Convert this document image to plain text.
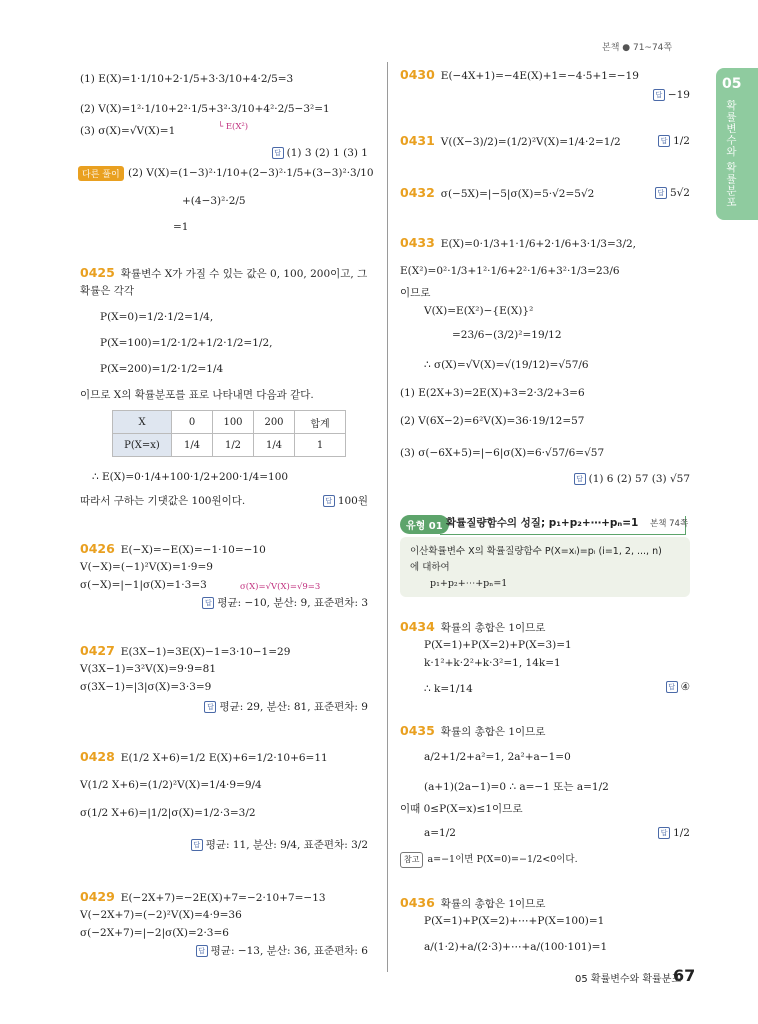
본책 ● 71~74쪽
05
확률변수와 확률분포
(1) E(X)=1·1/10+2·1/5+3·3/10+4·2/5=3
(2) V(X)=1²·1/10+2²·1/5+3²·3/10+4²·2/5−3²=1
└ E(X²)
(3) σ(X)=√V(X)=1
답 (1) 3 (2) 1 (3) 1
다른 풀이 (2) V(X)=(1−3)²·1/10+(2−3)²·1/5+(3−3)²·3/10
+(4−3)²·2/5
=1
0425 확률변수 X가 가질 수 있는 값은 0, 100, 200이고, 그
확률은 각각
P(X=0)=1/2·1/2=1/4,
P(X=100)=1/2·1/2+1/2·1/2=1/2,
P(X=200)=1/2·1/2=1/4
이므로 X의 확률분포를 표로 나타내면 다음과 같다.
X	0	100	200	합계
P(X=x)	1/4	1/2	1/4	1
∴ E(X)=0·1/4+100·1/2+200·1/4=100
따라서 구하는 기댓값은 100원이다.	답 100원
0426 E(−X)=−E(X)=−1·10=−10
V(−X)=(−1)²V(X)=1·9=9
σ(−X)=|−1|σ(X)=1·3=3	σ(X)=√V(X)=√9=3
답 평균: −10, 분산: 9, 표준편차: 3
0427 E(3X−1)=3E(X)−1=3·10−1=29
V(3X−1)=3²V(X)=9·9=81
σ(3X−1)=|3|σ(X)=3·3=9
답 평균: 29, 분산: 81, 표준편차: 9
0428 E(1/2 X+6)=1/2 E(X)+6=1/2·10+6=11
V(1/2 X+6)=(1/2)²V(X)=1/4·9=9/4
σ(1/2 X+6)=|1/2|σ(X)=1/2·3=3/2
답 평균: 11, 분산: 9/4, 표준편차: 3/2
0429 E(−2X+7)=−2E(X)+7=−2·10+7=−13
V(−2X+7)=(−2)²V(X)=4·9=36
σ(−2X+7)=|−2|σ(X)=2·3=6
답 평균: −13, 분산: 36, 표준편차: 6
0430 E(−4X+1)=−4E(X)+1=−4·5+1=−19
답 −19
0431 V((X−3)/2)=(1/2)²V(X)=1/4·2=1/2	답 1/2
0432 σ(−5X)=|−5|σ(X)=5·√2=5√2	답 5√2
0433 E(X)=0·1/3+1·1/6+2·1/6+3·1/3=3/2,
E(X²)=0²·1/3+1²·1/6+2²·1/6+3²·1/3=23/6
이므로
V(X)=E(X²)−{E(X)}²
=23/6−(3/2)²=19/12
∴ σ(X)=√V(X)=√(19/12)=√57/6
(1) E(2X+3)=2E(X)+3=2·3/2+3=6
(2) V(6X−2)=6²V(X)=36·19/12=57
(3) σ(−6X+5)=|−6|σ(X)=6·√57/6=√57
답 (1) 6 (2) 57 (3) √57
유형 01 확률질량함수의 성질; p₁+p₂+⋯+pₙ=1 본책 74쪽
이산확률변수 X의 확률질량함수 P(X=xᵢ)=pᵢ (i=1, 2, ..., n)
에 대하여
p₁+p₂+⋯+pₙ=1
0434 확률의 총합은 1이므로
P(X=1)+P(X=2)+P(X=3)=1
k·1²+k·2²+k·3²=1, 14k=1
∴ k=1/14	답 ④
0435 확률의 총합은 1이므로
a/2+1/2+a²=1, 2a²+a−1=0
(a+1)(2a−1)=0 ∴ a=−1 또는 a=1/2
이때 0≤P(X=x)≤1이므로
a=1/2	답 1/2
참고 a=−1이면 P(X=0)=−1/2<0이다.
0436 확률의 총합은 1이므로
P(X=1)+P(X=2)+⋯+P(X=100)=1
a/(1·2)+a/(2·3)+⋯+a/(100·101)=1
05 확률변수와 확률분포
67
